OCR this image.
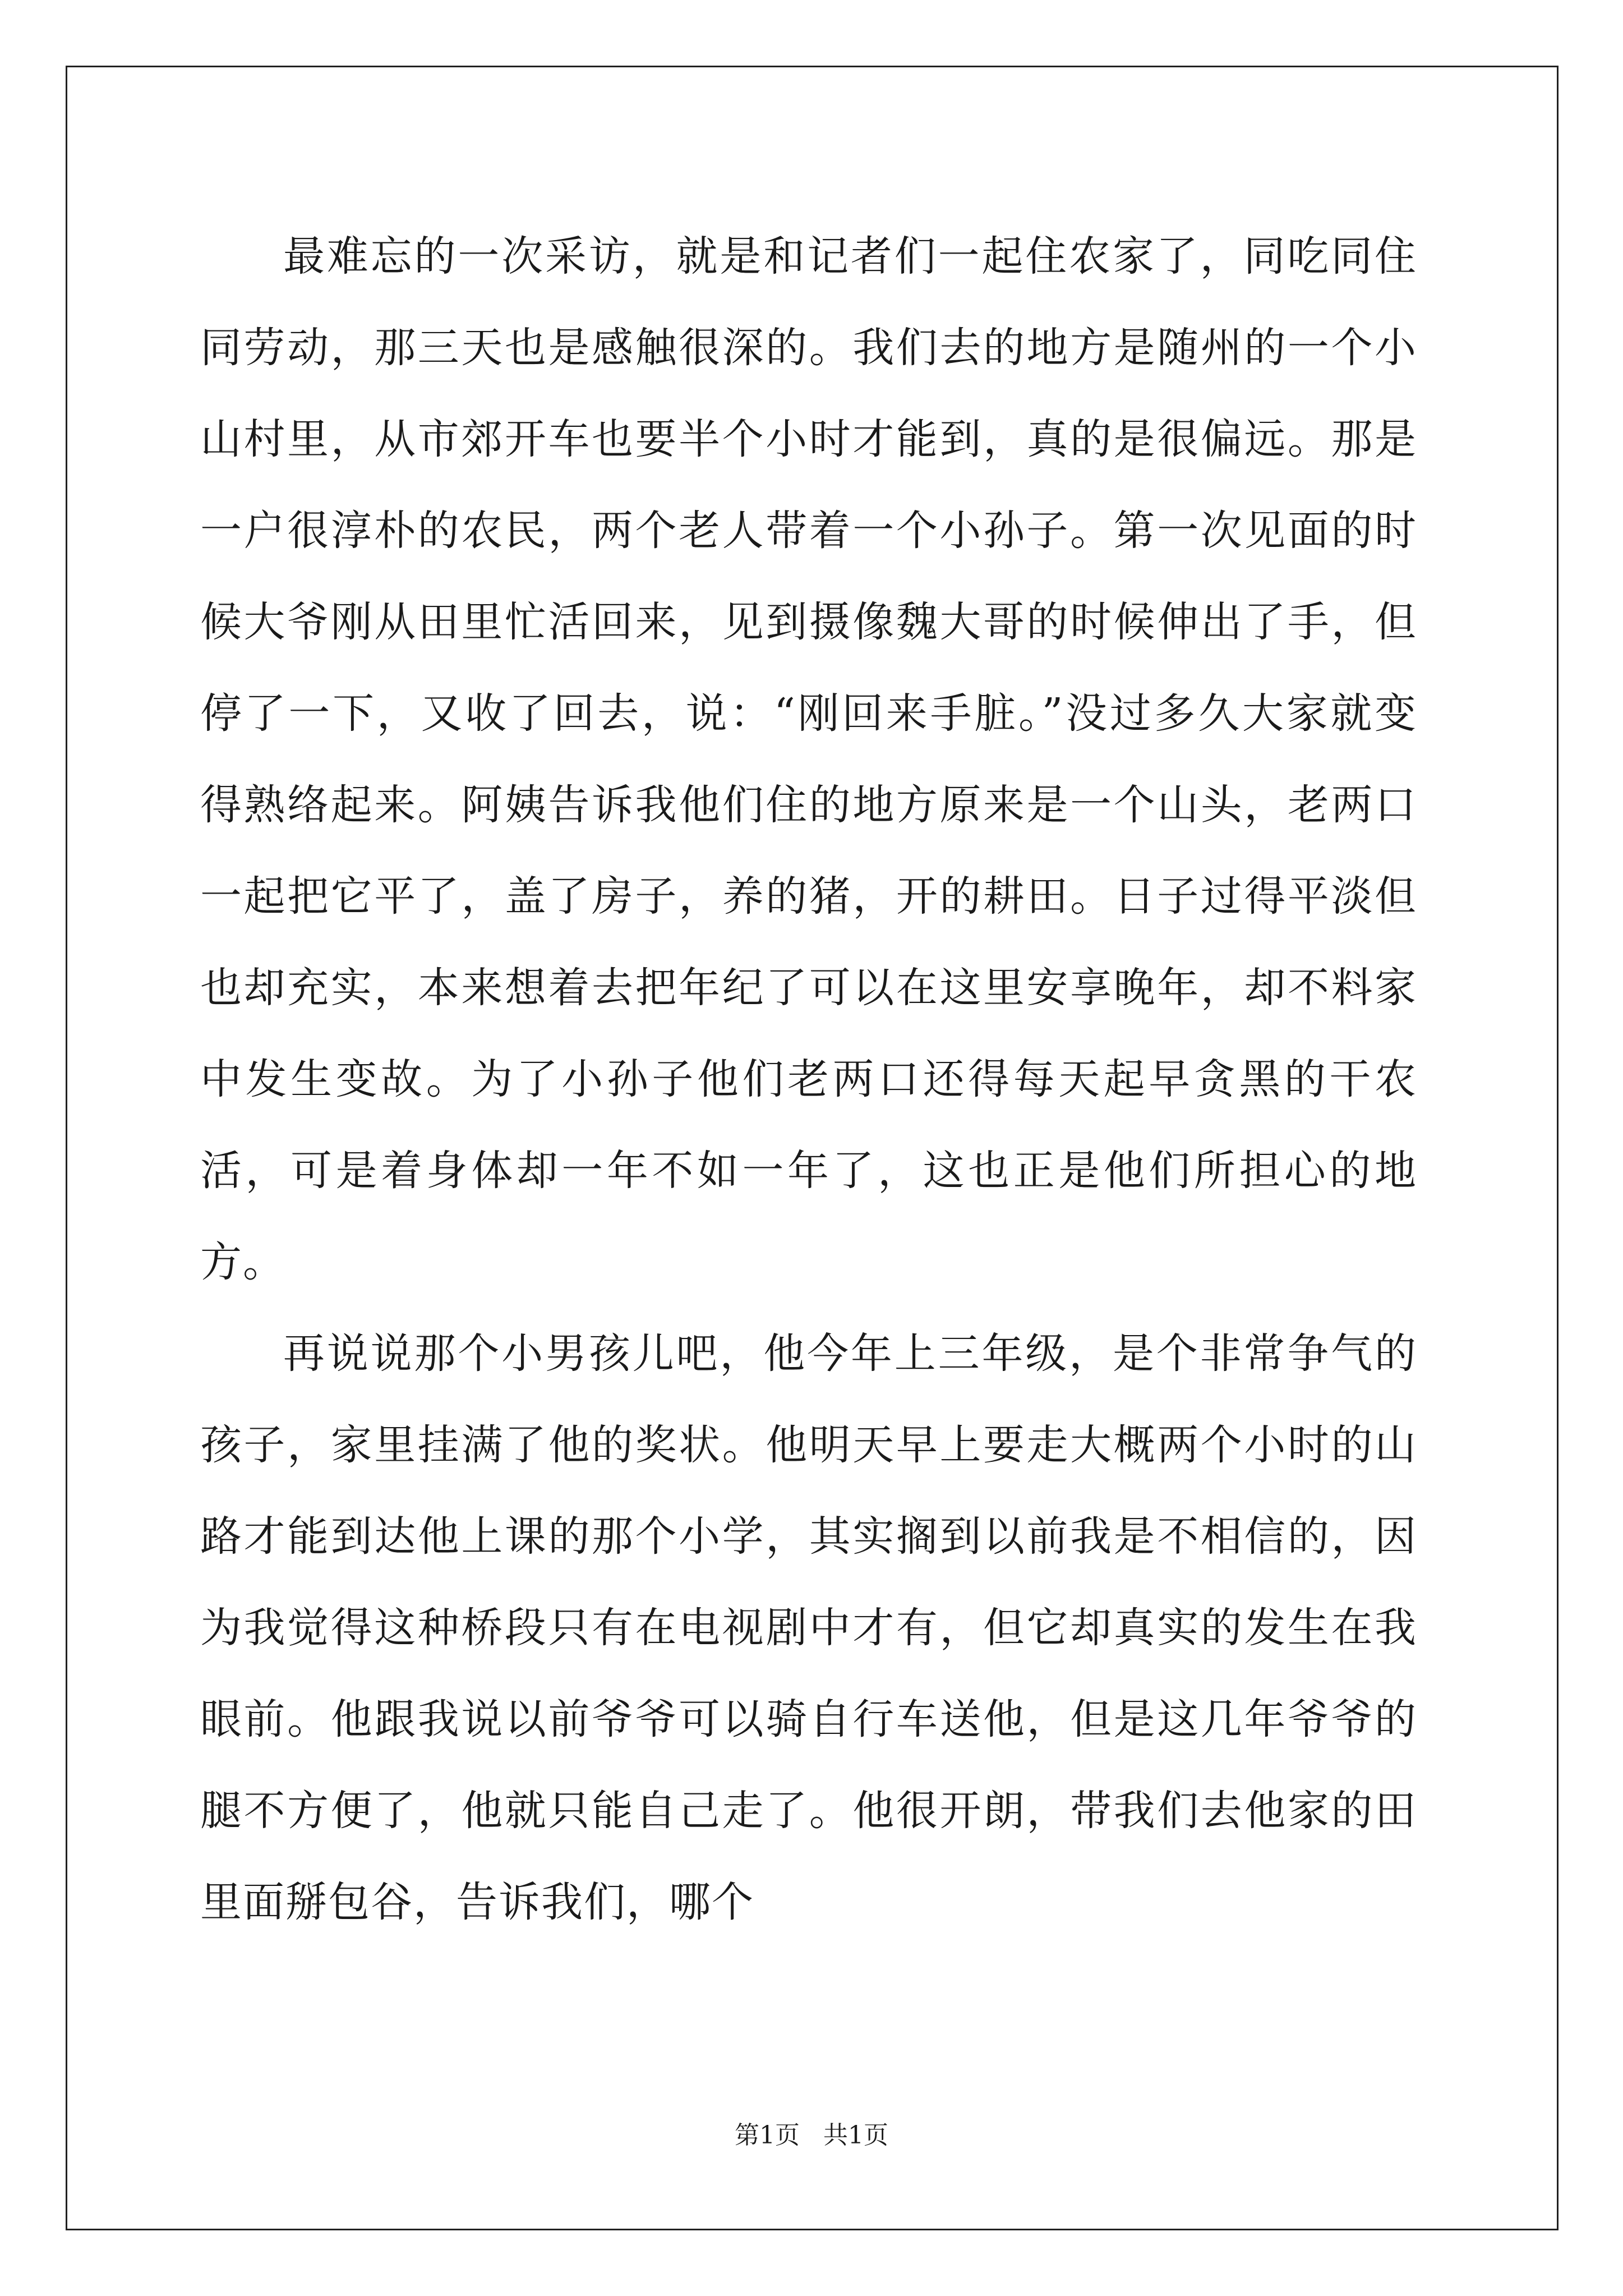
最难忘的一次采访，就是和记者们一起住农家了，同吃同住同劳动，那三天也是感触很深的。我们去的地方是随州的一个小山村里，从市郊开车也要半个小时才能到，真的是很偏远。那是一户很淳朴的农民，两个老人带着一个小孙子。第一次见面的时候大爷刚从田里忙活回来，见到摄像魏大哥的时候伸出了手，但停了一下，又收了回去，说：“刚回来手脏。”没过多久大家就变得熟络起来。阿姨告诉我他们住的地方原来是一个山头，老两口一起把它平了，盖了房子，养的猪，开的耕田。日子过得平淡但也却充实，本来想着去把年纪了可以在这里安享晚年，却不料家中发生变故。为了小孙子他们老两口还得每天起早贪黑的干农活，可是着身体却一年不如一年了，这也正是他们所担心的地方。

再说说那个小男孩儿吧，他今年上三年级，是个非常争气的孩子，家里挂满了他的奖状。他明天早上要走大概两个小时的山路才能到达他上课的那个小学，其实搁到以前我是不相信的，因为我觉得这种桥段只有在电视剧中才有，但它却真实的发生在我眼前。他跟我说以前爷爷可以骑自行车送他，但是这几年爷爷的腿不方便了，他就只能自己走了。他很开朗，带我们去他家的田里面掰包谷，告诉我们，哪个

第1页   共1页
